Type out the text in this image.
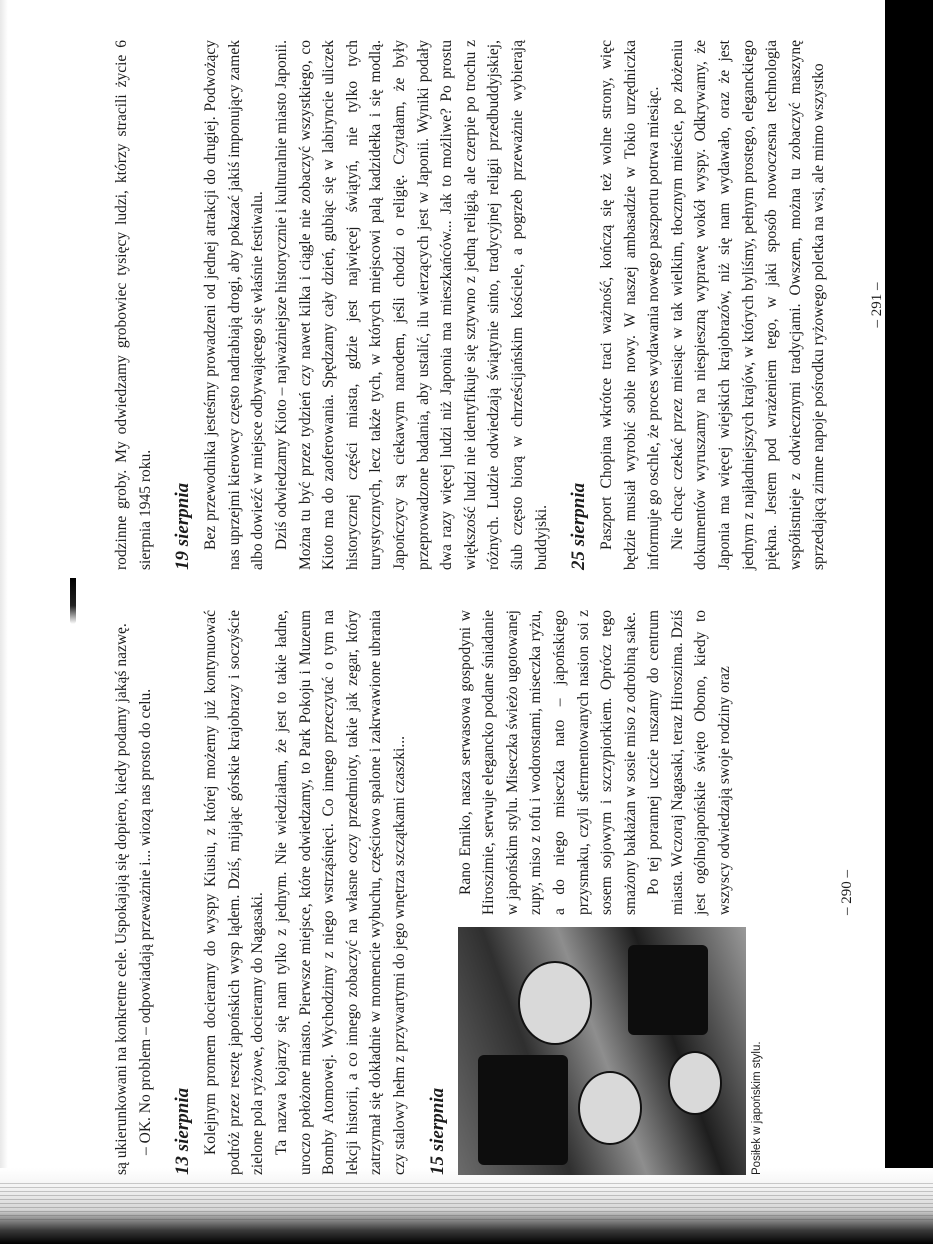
są ukierunkowani na konkretne cele. Uspokajają się dopiero, kiedy podamy jakąś nazwę. – OK. No problem – odpowiadają przeważnie i... wiozą nas prosto do celu. 13 sierpnia Kolejnym promem docieramy do wyspy Kiusiu, z której możemy już kontynuować podróż przez resztę japońskich wysp lądem. Dziś, mijając górskie krajobrazy i soczyście zielone pola ryżowe, docieramy do Nagasaki. Ta nazwa kojarzy się nam tylko z jednym. Nie wiedziałam, że jest to takie ładne, uroczo położone miasto. Pierwsze miejsce, które odwiedzamy, to Park Pokoju i Muzeum Bomby Atomowej. Wychodzimy z niego wstrząśnięci. Co innego przeczytać o tym na lekcji historii, a co innego zobaczyć na własne oczy przedmioty, takie jak zegar, który zatrzymał się dokładnie w momencie wybuchu, częściowo spalone i zakrwawione ubrania czy stalowy hełm z przywartymi do jego wnętrza szczątkami czaszki... 15 sierpnia	Posiłek w japońskim stylu.

Rano Emiko, nasza serwasowa gospodyni w Hiroszimie, serwuje elegancko podane śniadanie w japońskim stylu. Miseczka świeżo ugotowanej zupy, miso z tofu i wodorostami, miseczka ryżu, a do niego miseczka nato – japońskiego przysmaku, czyli sfermentowanych nasion soi z sosem sojowym i szczypiorkiem. Oprócz tego smażony bakłażan w sosie miso z odrobiną sake. Po tej porannej uczcie ruszamy do centrum miasta. Wczoraj Nagasaki, teraz Hiroszima. Dziś jest ogólnojapońskie święto Obono, kiedy to wszyscy odwiedzają swoje rodziny oraz	– 290 –

rodzinne groby. My odwiedzamy grobowiec tysięcy ludzi, którzy stracili życie 6 sierpnia 1945 roku. 19 sierpnia Bez przewodnika jesteśmy prowadzeni od jednej atrakcji do drugiej. Podwożący nas uprzejmi kierowcy często nadrabiają drogi, aby pokazać jakiś imponujący zamek albo dowieźć w miejsce odbywającego się właśnie festiwalu. Dziś odwiedzamy Kioto – najważniejsze historycznie i kulturalnie miasto Japonii. Można tu być przez tydzień czy nawet kilka i ciągle nie zobaczyć wszystkiego, co Kioto ma do zaoferowania. Spędzamy cały dzień, gubiąc się w labiryncie uliczek historycznej części miasta, gdzie jest najwięcej świątyń, nie tylko tych turystycznych, lecz także tych, w których miejscowi palą kadzidełka i się modlą. Japończycy są ciekawym narodem, jeśli chodzi o religię. Czytałam, że były przeprowadzone badania, aby ustalić, ilu wierzących jest w Japonii. Wyniki podały dwa razy więcej ludzi niż Japonia ma mieszkańców... Jak to możliwe? Po prostu większość ludzi nie identyfikuje się sztywno z jedną religią, ale czerpie po trochu z różnych. Ludzie odwiedzają świątynie sinto, tradycyjnej religii przedbuddyjskiej, ślub często biorą w chrześcijańskim kościele, a pogrzeb przeważnie wybierają buddyjski. 25 sierpnia Paszport Chopina wkrótce traci ważność, kończą się też wolne strony, więc będzie musiał wyrobić sobie nowy. W naszej ambasadzie w Tokio urzędniczka informuje go oschle, że proces wydawania nowego paszportu potrwa miesiąc. Nie chcąc czekać przez miesiąc w tak wielkim, tłocznym mieście, po złożeniu dokumentów wyruszamy na niespieszną wyprawę wokół wyspy. Odkrywamy, że Japonia ma więcej wiejskich krajobrazów, niż się nam wydawało, oraz że jest jednym z najładniejszych krajów, w których byliśmy, pełnym prostego, eleganckiego piękna. Jestem pod wrażeniem tego, w jaki sposób nowoczesna technologia współistnieje z odwiecznymi tradycjami. Owszem, można tu zobaczyć maszynę sprzedającą zimne napoje pośrodku ryżowego poletka na wsi, ale mimo wszystko	– 291 –
